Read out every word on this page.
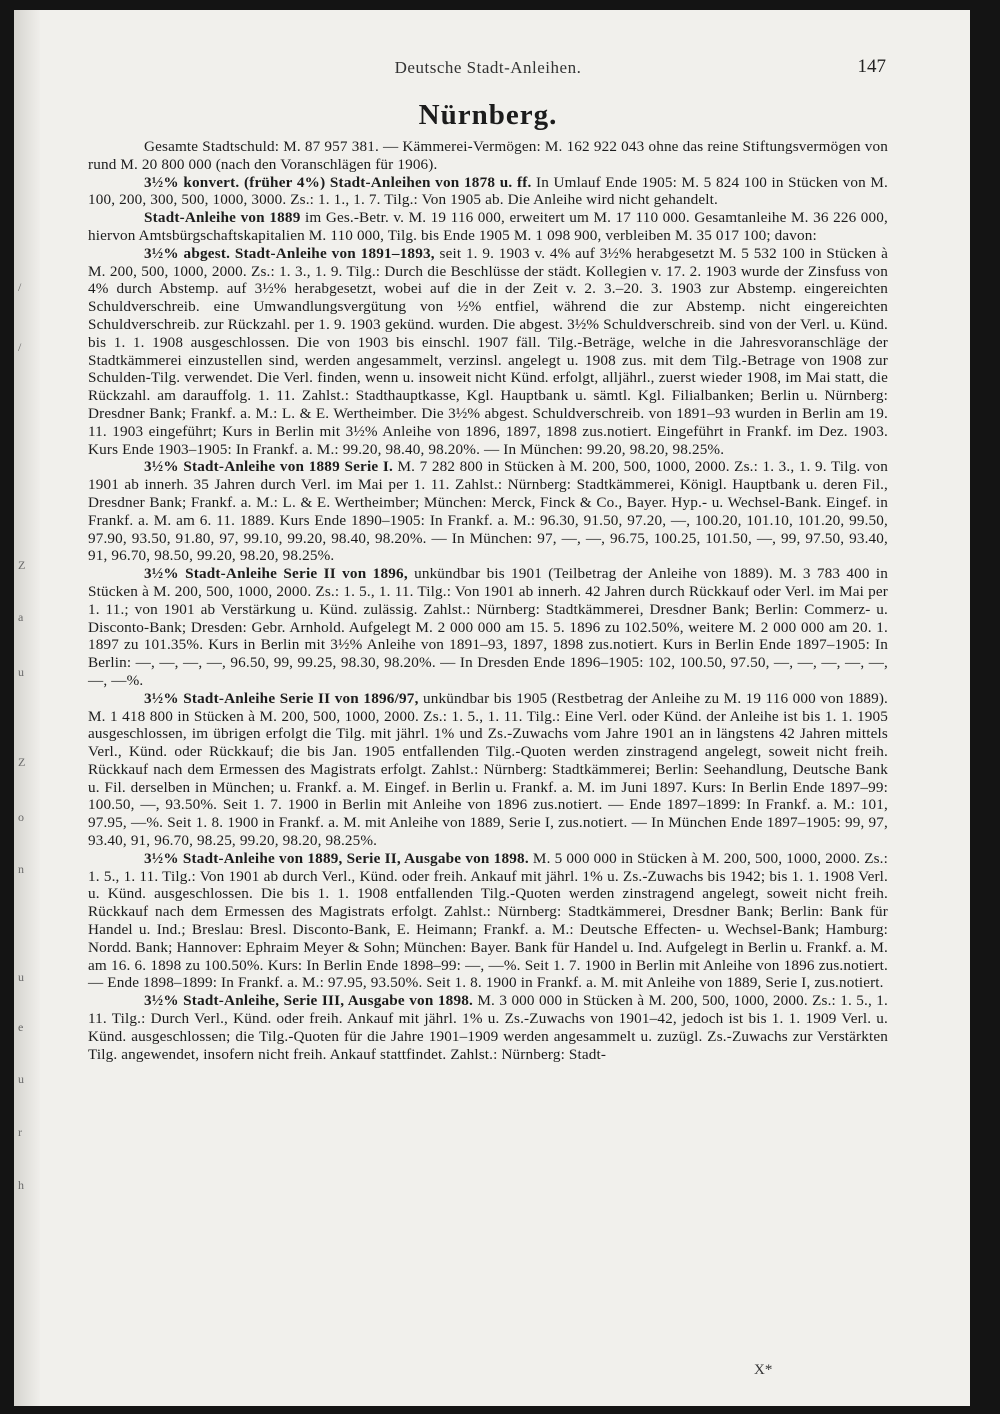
/
/
Z
a
u
Z
o
n
u
e
u
r
h
Deutsche Stadt-Anleihen.	147
Nürnberg.

Gesamte Stadtschuld: M. 87 957 381. — Kämmerei-Vermögen: M. 162 922 043 ohne das reine Stiftungsvermögen von rund M. 20 800 000 (nach den Voranschlägen für 1906).

3½% konvert. (früher 4%) Stadt-Anleihen von 1878 u. ff. In Umlauf Ende 1905: M. 5 824 100 in Stücken von M. 100, 200, 300, 500, 1000, 3000. Zs.: 1. 1., 1. 7. Tilg.: Von 1905 ab. Die Anleihe wird nicht gehandelt.

Stadt-Anleihe von 1889 im Ges.-Betr. v. M. 19 116 000, erweitert um M. 17 110 000. Gesamtanleihe M. 36 226 000, hiervon Amtsbürgschaftskapitalien M. 110 000, Tilg. bis Ende 1905 M. 1 098 900, verbleiben M. 35 017 100; davon:

3½% abgest. Stadt-Anleihe von 1891–1893, seit 1. 9. 1903 v. 4% auf 3½% herabgesetzt M. 5 532 100 in Stücken à M. 200, 500, 1000, 2000. Zs.: 1. 3., 1. 9. Tilg.: Durch die Beschlüsse der städt. Kollegien v. 17. 2. 1903 wurde der Zinsfuss von 4% durch Abstemp. auf 3½% herabgesetzt, wobei auf die in der Zeit v. 2. 3.–20. 3. 1903 zur Abstemp. eingereichten Schuldverschreib. eine Umwandlungsvergütung von ½% entfiel, während die zur Abstemp. nicht eingereichten Schuldverschreib. zur Rückzahl. per 1. 9. 1903 gekünd. wurden. Die abgest. 3½% Schuldverschreib. sind von der Verl. u. Künd. bis 1. 1. 1908 ausgeschlossen. Die von 1903 bis einschl. 1907 fäll. Tilg.-Beträge, welche in die Jahresvoranschläge der Stadtkämmerei einzustellen sind, werden angesammelt, verzinsl. angelegt u. 1908 zus. mit dem Tilg.-Betrage von 1908 zur Schulden-Tilg. verwendet. Die Verl. finden, wenn u. insoweit nicht Künd. erfolgt, alljährl., zuerst wieder 1908, im Mai statt, die Rückzahl. am darauffolg. 1. 11. Zahlst.: Stadthauptkasse, Kgl. Hauptbank u. sämtl. Kgl. Filialbanken; Berlin u. Nürnberg: Dresdner Bank; Frankf. a. M.: L. & E. Wertheimber. Die 3½% abgest. Schuldverschreib. von 1891–93 wurden in Berlin am 19. 11. 1903 eingeführt; Kurs in Berlin mit 3½% Anleihe von 1896, 1897, 1898 zus.notiert. Eingeführt in Frankf. im Dez. 1903. Kurs Ende 1903–1905: In Frankf. a. M.: 99.20, 98.40, 98.20%. — In München: 99.20, 98.20, 98.25%.

3½% Stadt-Anleihe von 1889 Serie I. M. 7 282 800 in Stücken à M. 200, 500, 1000, 2000. Zs.: 1. 3., 1. 9. Tilg. von 1901 ab innerh. 35 Jahren durch Verl. im Mai per 1. 11. Zahlst.: Nürnberg: Stadtkämmerei, Königl. Hauptbank u. deren Fil., Dresdner Bank; Frankf. a. M.: L. & E. Wertheimber; München: Merck, Finck & Co., Bayer. Hyp.- u. Wechsel-Bank. Eingef. in Frankf. a. M. am 6. 11. 1889. Kurs Ende 1890–1905: In Frankf. a. M.: 96.30, 91.50, 97.20, —, 100.20, 101.10, 101.20, 99.50, 97.90, 93.50, 91.80, 97, 99.10, 99.20, 98.40, 98.20%. — In München: 97, —, —, 96.75, 100.25, 101.50, —, 99, 97.50, 93.40, 91, 96.70, 98.50, 99.20, 98.20, 98.25%.

3½% Stadt-Anleihe Serie II von 1896, unkündbar bis 1901 (Teilbetrag der Anleihe von 1889). M. 3 783 400 in Stücken à M. 200, 500, 1000, 2000. Zs.: 1. 5., 1. 11. Tilg.: Von 1901 ab innerh. 42 Jahren durch Rückkauf oder Verl. im Mai per 1. 11.; von 1901 ab Verstärkung u. Künd. zulässig. Zahlst.: Nürnberg: Stadtkämmerei, Dresdner Bank; Berlin: Commerz- u. Disconto-Bank; Dresden: Gebr. Arnhold. Aufgelegt M. 2 000 000 am 15. 5. 1896 zu 102.50%, weitere M. 2 000 000 am 20. 1. 1897 zu 101.35%. Kurs in Berlin mit 3½% Anleihe von 1891–93, 1897, 1898 zus.notiert. Kurs in Berlin Ende 1897–1905: In Berlin: —, —, —, —, 96.50, 99, 99.25, 98.30, 98.20%. — In Dresden Ende 1896–1905: 102, 100.50, 97.50, —, —, —, —, —, —, —%.

3½% Stadt-Anleihe Serie II von 1896/97, unkündbar bis 1905 (Restbetrag der Anleihe zu M. 19 116 000 von 1889). M. 1 418 800 in Stücken à M. 200, 500, 1000, 2000. Zs.: 1. 5., 1. 11. Tilg.: Eine Verl. oder Künd. der Anleihe ist bis 1. 1. 1905 ausgeschlossen, im übrigen erfolgt die Tilg. mit jährl. 1% und Zs.-Zuwachs vom Jahre 1901 an in längstens 42 Jahren mittels Verl., Künd. oder Rückkauf; die bis Jan. 1905 entfallenden Tilg.-Quoten werden zinstragend angelegt, soweit nicht freih. Rückkauf nach dem Ermessen des Magistrats erfolgt. Zahlst.: Nürnberg: Stadtkämmerei; Berlin: Seehandlung, Deutsche Bank u. Fil. derselben in München; u. Frankf. a. M. Eingef. in Berlin u. Frankf. a. M. im Juni 1897. Kurs: In Berlin Ende 1897–99: 100.50, —, 93.50%. Seit 1. 7. 1900 in Berlin mit Anleihe von 1896 zus.notiert. — Ende 1897–1899: In Frankf. a. M.: 101, 97.95, —%. Seit 1. 8. 1900 in Frankf. a. M. mit Anleihe von 1889, Serie I, zus.notiert. — In München Ende 1897–1905: 99, 97, 93.40, 91, 96.70, 98.25, 99.20, 98.20, 98.25%.

3½% Stadt-Anleihe von 1889, Serie II, Ausgabe von 1898. M. 5 000 000 in Stücken à M. 200, 500, 1000, 2000. Zs.: 1. 5., 1. 11. Tilg.: Von 1901 ab durch Verl., Künd. oder freih. Ankauf mit jährl. 1% u. Zs.-Zuwachs bis 1942; bis 1. 1. 1908 Verl. u. Künd. ausgeschlossen. Die bis 1. 1. 1908 entfallenden Tilg.-Quoten werden zinstragend angelegt, soweit nicht freih. Rückkauf nach dem Ermessen des Magistrats erfolgt. Zahlst.: Nürnberg: Stadtkämmerei, Dresdner Bank; Berlin: Bank für Handel u. Ind.; Breslau: Bresl. Disconto-Bank, E. Heimann; Frankf. a. M.: Deutsche Effecten- u. Wechsel-Bank; Hamburg: Nordd. Bank; Hannover: Ephraim Meyer & Sohn; München: Bayer. Bank für Handel u. Ind. Aufgelegt in Berlin u. Frankf. a. M. am 16. 6. 1898 zu 100.50%. Kurs: In Berlin Ende 1898–99: —, —%. Seit 1. 7. 1900 in Berlin mit Anleihe von 1896 zus.notiert. — Ende 1898–1899: In Frankf. a. M.: 97.95, 93.50%. Seit 1. 8. 1900 in Frankf. a. M. mit Anleihe von 1889, Serie I, zus.notiert.

3½% Stadt-Anleihe, Serie III, Ausgabe von 1898. M. 3 000 000 in Stücken à M. 200, 500, 1000, 2000. Zs.: 1. 5., 1. 11. Tilg.: Durch Verl., Künd. oder freih. Ankauf mit jährl. 1% u. Zs.-Zuwachs von 1901–42, jedoch ist bis 1. 1. 1909 Verl. u. Künd. ausgeschlossen; die Tilg.-Quoten für die Jahre 1901–1909 werden angesammelt u. zuzügl. Zs.-Zuwachs zur Verstärkten Tilg. angewendet, insofern nicht freih. Ankauf stattfindet. Zahlst.: Nürnberg: Stadt-

X*
